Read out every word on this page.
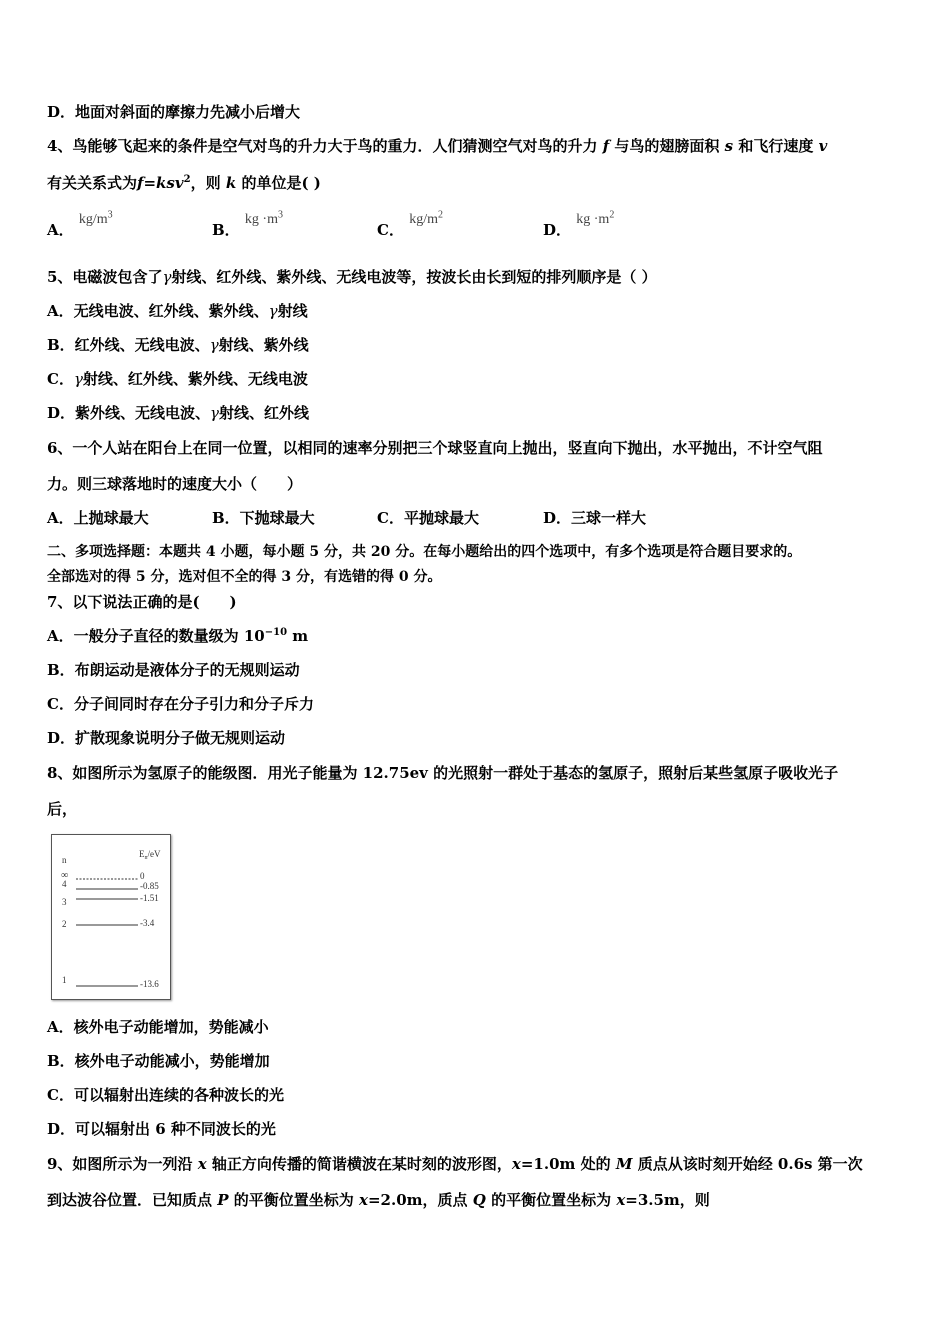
D．地面对斜面的摩擦力先减小后增大
4、鸟能够飞起来的条件是空气对鸟的升力大于鸟的重力．人们猜测空气对鸟的升力 f 与鸟的翅膀面积 s 和飞行速度 v
有关关系式为f=ksv$^2$，则 k 的单位是( )
A． $kg/m^3$
B． kg $\cdot m^3$
C． $kg/m^2$
D． kg $\cdot m^2$
5、电磁波包含了γ射线、红外线、紫外线、无线电波等，按波长由长到短的排列顺序是（ ）
A．无线电波、红外线、紫外线、γ射线
B．红外线、无线电波、γ射线、紫外线
C．γ射线、红外线、紫外线、无线电波
D．紫外线、无线电波、γ射线、红外线
6、一个人站在阳台上在同一位置，以相同的速率分别把三个球竖直向上抛出，竖直向下抛出，水平抛出，不计空气阻
力。则三球落地时的速度大小（　　）
A．上抛球最大	B．下抛球最大	C．平抛球最大	D．三球一样大
二、多项选择题：本题共 4 小题，每小题 5 分，共 20 分。在每小题给出的四个选项中，有多个选项是符合题目要求的。
全部选对的得 5 分，选对但不全的得 3 分，有选错的得 0 分。
7、以下说法正确的是(　　)
A．一般分子直径的数量级为 $10^{-10}$ m
B．布朗运动是液体分子的无规则运动
C．分子间同时存在分子引力和分子斥力
D．扩散现象说明分子做无规则运动
8、如图所示为氢原子的能级图．用光子能量为 12.75ev 的光照射一群处于基态的氢原子，照射后某些氢原子吸收光子
后，
n
$E_n/eV$
∞	0
4	-0.85
3	-1.51
2	-3.4
1	-13.6
A．核外电子动能增加，势能减小
B．核外电子动能减小，势能增加
C．可以辐射出连续的各种波长的光
D．可以辐射出 6 种不同波长的光
9、如图所示为一列沿 x 轴正方向传播的简谐横波在某时刻的波形图，x=1.0m 处的 M 质点从该时刻开始经 0.6s 第一次
到达波谷位置．已知质点 P 的平衡位置坐标为 x=2.0m，质点 Q 的平衡位置坐标为 x=3.5m，则
